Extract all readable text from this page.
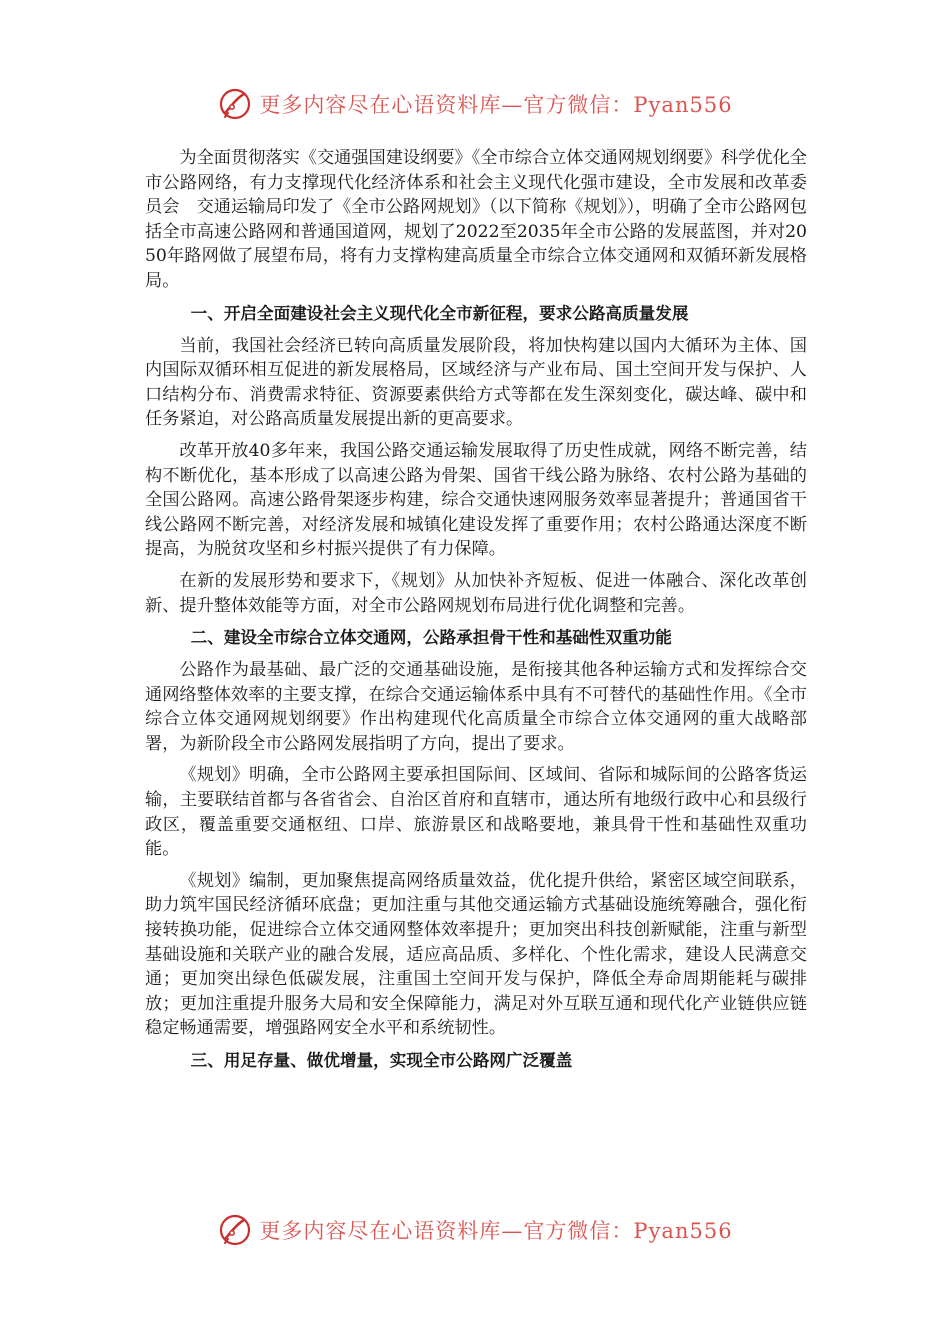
更多内容尽在心语资料库—官方微信：Pyan556

为全面贯彻落实《交通强国建设纲要》《全市综合立体交通网规划纲要》科学优化全市公路网络，有力支撑现代化经济体系和社会主义现代化强市建设，全市发展和改革委员会　交通运输局印发了《全市公路网规划》（以下简称《规划》），明确了全市公路网包括全市高速公路网和普通国道网，规划了2022至2035年全市公路的发展蓝图，并对2050年路网做了展望布局，将有力支撑构建高质量全市综合立体交通网和双循环新发展格局。

一、开启全面建设社会主义现代化全市新征程，要求公路高质量发展

当前，我国社会经济已转向高质量发展阶段，将加快构建以国内大循环为主体、国内国际双循环相互促进的新发展格局，区域经济与产业布局、国土空间开发与保护、人口结构分布、消费需求特征、资源要素供给方式等都在发生深刻变化，碳达峰、碳中和任务紧迫，对公路高质量发展提出新的更高要求。

改革开放40多年来，我国公路交通运输发展取得了历史性成就，网络不断完善，结构不断优化，基本形成了以高速公路为骨架、国省干线公路为脉络、农村公路为基础的全国公路网。高速公路骨架逐步构建，综合交通快速网服务效率显著提升；普通国省干线公路网不断完善，对经济发展和城镇化建设发挥了重要作用；农村公路通达深度不断提高，为脱贫攻坚和乡村振兴提供了有力保障。

在新的发展形势和要求下，《规划》从加快补齐短板、促进一体融合、深化改革创新、提升整体效能等方面，对全市公路网规划布局进行优化调整和完善。

二、建设全市综合立体交通网，公路承担骨干性和基础性双重功能

公路作为最基础、最广泛的交通基础设施，是衔接其他各种运输方式和发挥综合交通网络整体效率的主要支撑，在综合交通运输体系中具有不可替代的基础性作用。《全市综合立体交通网规划纲要》作出构建现代化高质量全市综合立体交通网的重大战略部署，为新阶段全市公路网发展指明了方向，提出了要求。

《规划》明确，全市公路网主要承担国际间、区域间、省际和城际间的公路客货运输，主要联结首都与各省省会、自治区首府和直辖市，通达所有地级行政中心和县级行政区，覆盖重要交通枢纽、口岸、旅游景区和战略要地，兼具骨干性和基础性双重功能。

《规划》编制，更加聚焦提高网络质量效益，优化提升供给，紧密区域空间联系，助力筑牢国民经济循环底盘；更加注重与其他交通运输方式基础设施统筹融合，强化衔接转换功能，促进综合立体交通网整体效率提升；更加突出科技创新赋能，注重与新型基础设施和关联产业的融合发展，适应高品质、多样化、个性化需求，建设人民满意交通；更加突出绿色低碳发展，注重国土空间开发与保护，降低全寿命周期能耗与碳排放；更加注重提升服务大局和安全保障能力，满足对外互联互通和现代化产业链供应链稳定畅通需要，增强路网安全水平和系统韧性。

三、用足存量、做优增量，实现全市公路网广泛覆盖

更多内容尽在心语资料库—官方微信：Pyan556
